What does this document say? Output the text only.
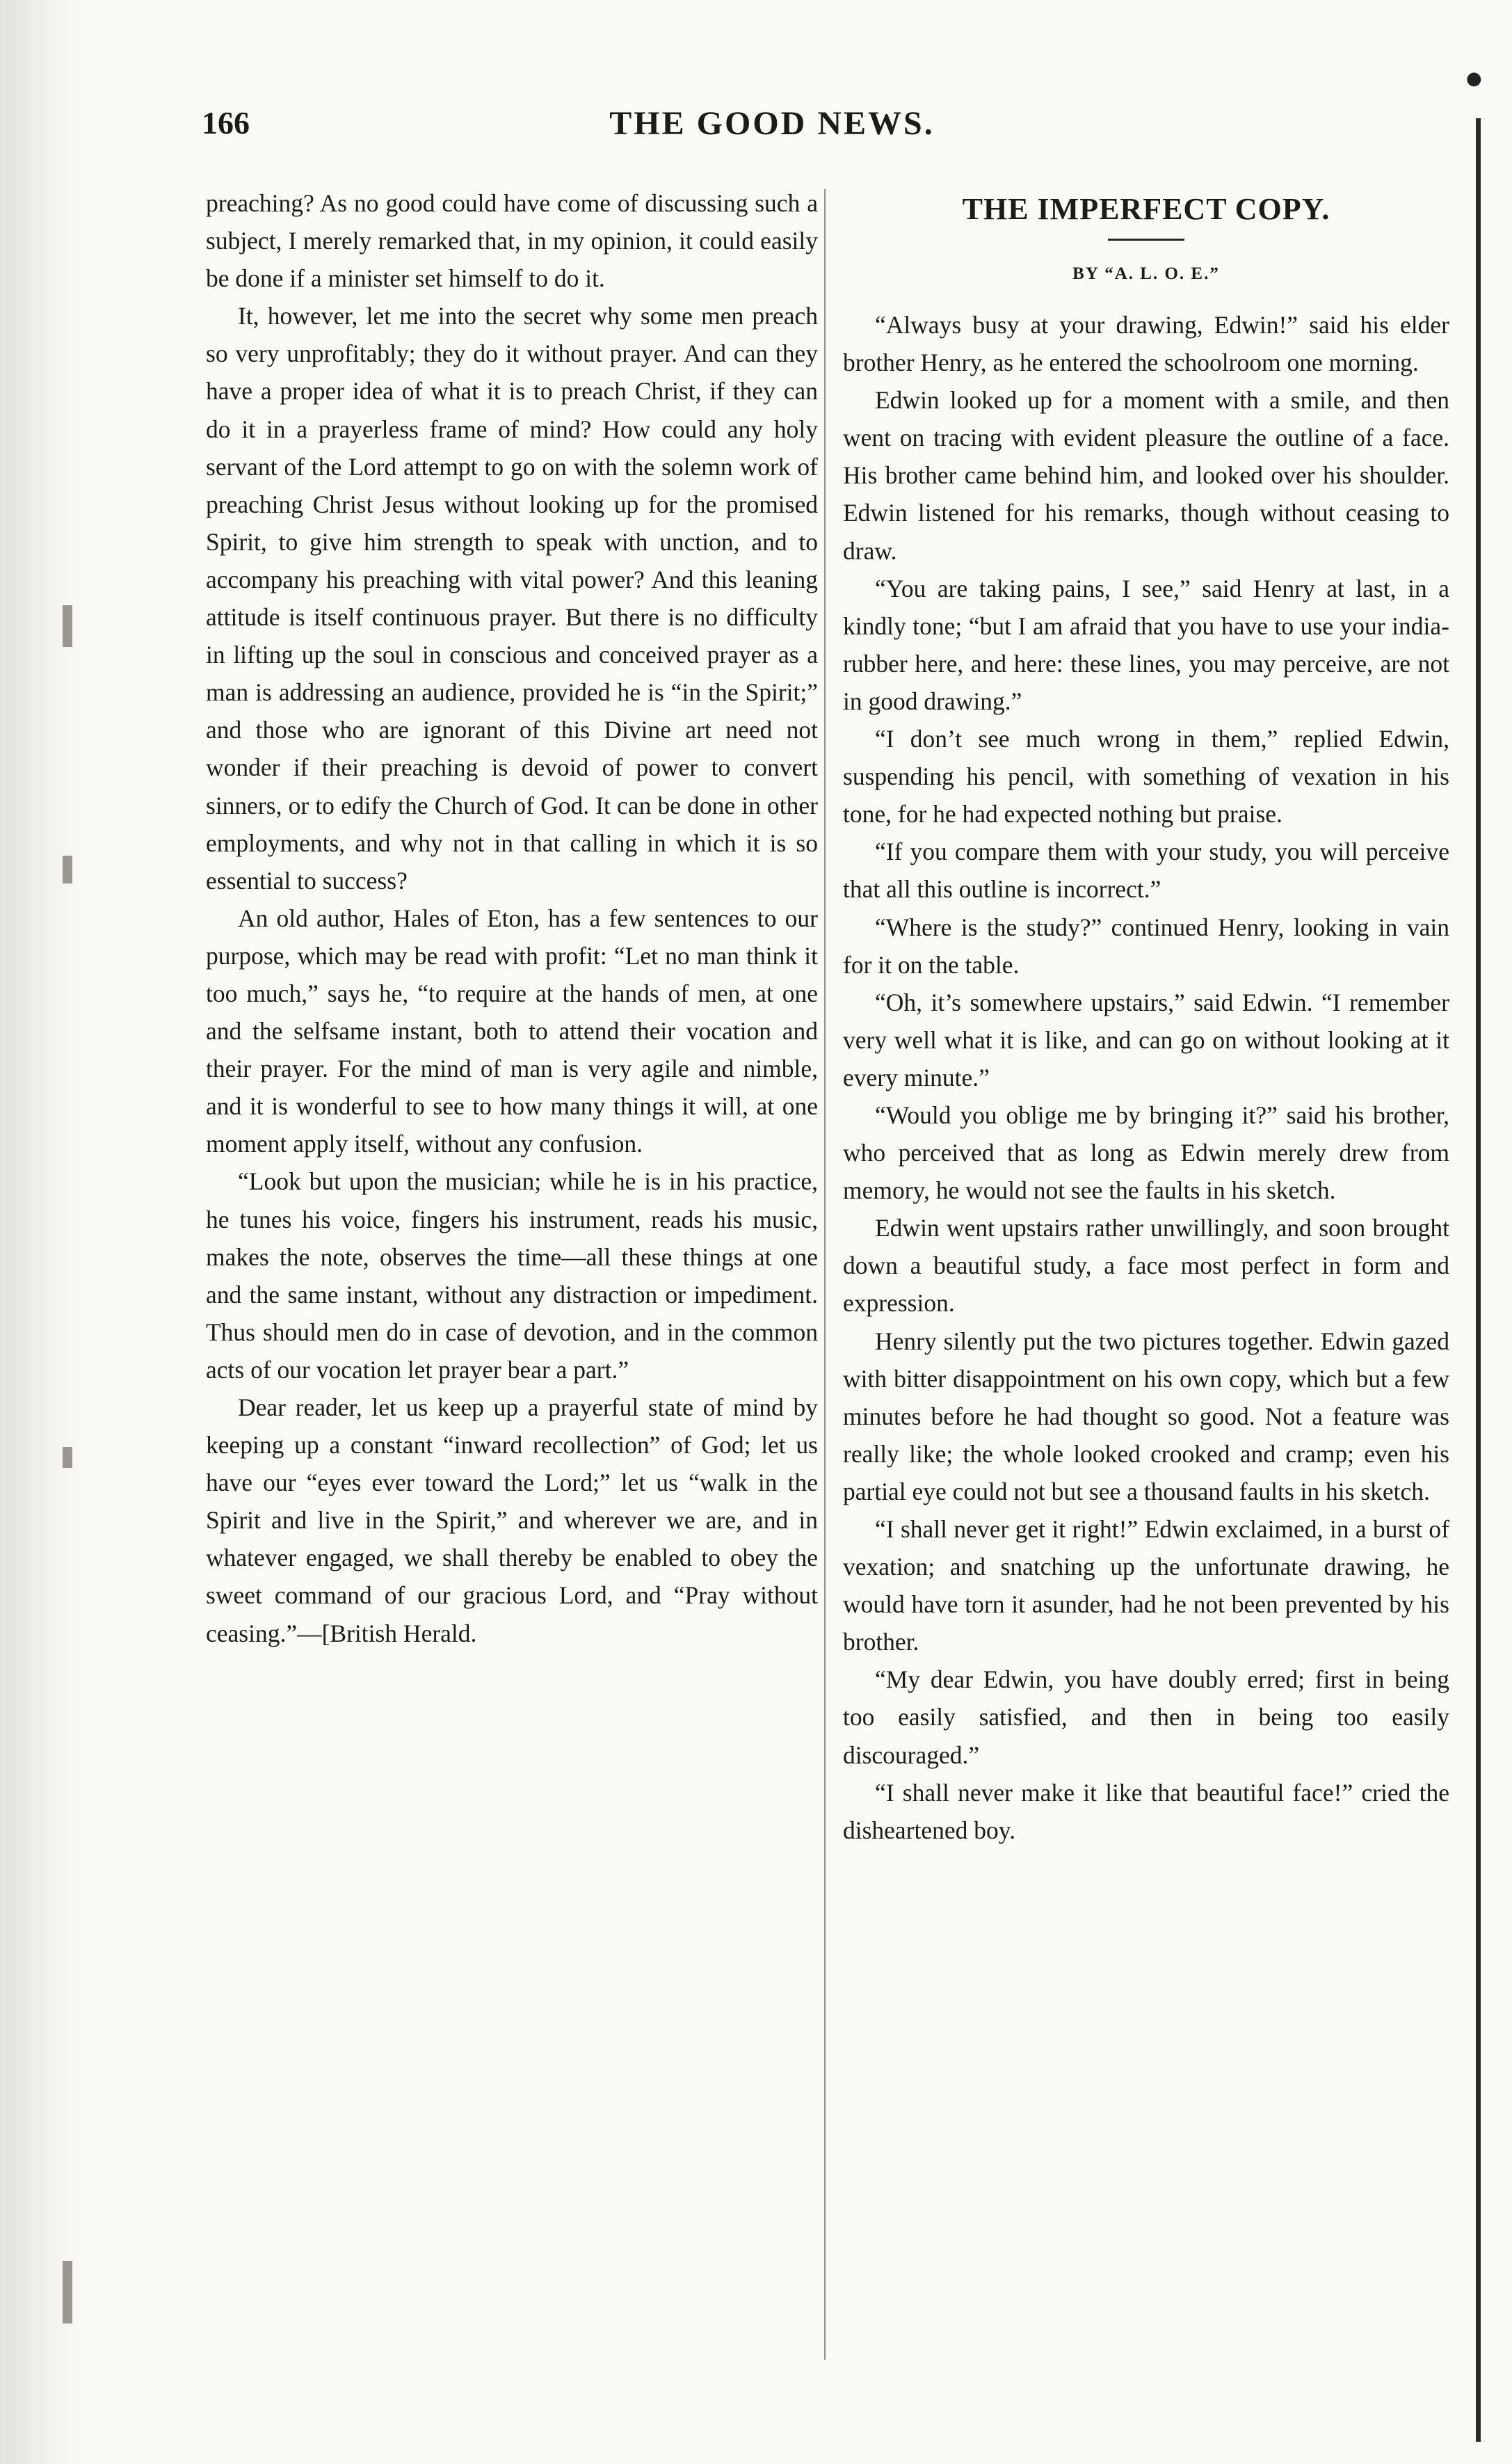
●
166	THE GOOD NEWS.

preaching? As no good could have come of discussing such a subject, I merely remarked that, in my opinion, it could easily be done if a minister set himself to do it.

It, however, let me into the secret why some men preach so very unprofitably; they do it without prayer. And can they have a proper idea of what it is to preach Christ, if they can do it in a prayerless frame of mind? How could any holy servant of the Lord attempt to go on with the solemn work of preaching Christ Jesus without looking up for the promised Spirit, to give him strength to speak with unction, and to accompany his preaching with vital power? And this leaning attitude is itself continuous prayer. But there is no difficulty in lifting up the soul in conscious and conceived prayer as a man is addressing an audience, provided he is “in the Spirit;” and those who are ignorant of this Divine art need not wonder if their preaching is devoid of power to convert sinners, or to edify the Church of God. It can be done in other employments, and why not in that calling in which it is so essential to success?

An old author, Hales of Eton, has a few sentences to our purpose, which may be read with profit: “Let no man think it too much,” says he, “to require at the hands of men, at one and the selfsame instant, both to attend their vocation and their prayer. For the mind of man is very agile and nimble, and it is wonderful to see to how many things it will, at one moment apply itself, without any confusion.

“Look but upon the musician; while he is in his practice, he tunes his voice, fingers his instrument, reads his music, makes the note, observes the time—all these things at one and the same instant, without any distraction or impediment. Thus should men do in case of devotion, and in the common acts of our vocation let prayer bear a part.”

Dear reader, let us keep up a prayerful state of mind by keeping up a constant “inward recollection” of God; let us have our “eyes ever toward the Lord;” let us “walk in the Spirit and live in the Spirit,” and wherever we are, and in whatever engaged, we shall thereby be enabled to obey the sweet command of our gracious Lord, and “Pray without ceasing.”—[British Herald.

THE IMPERFECT COPY.
BY “A. L. O. E.”

“Always busy at your drawing, Edwin!” said his elder brother Henry, as he entered the schoolroom one morning.

Edwin looked up for a moment with a smile, and then went on tracing with evident pleasure the outline of a face. His brother came behind him, and looked over his shoulder. Edwin listened for his remarks, though without ceasing to draw.

“You are taking pains, I see,” said Henry at last, in a kindly tone; “but I am afraid that you have to use your india-rubber here, and here: these lines, you may perceive, are not in good drawing.”

“I don’t see much wrong in them,” replied Edwin, suspending his pencil, with something of vexation in his tone, for he had expected nothing but praise.

“If you compare them with your study, you will perceive that all this outline is incorrect.”

“Where is the study?” continued Henry, looking in vain for it on the table.

“Oh, it’s somewhere upstairs,” said Edwin. “I remember very well what it is like, and can go on without looking at it every minute.”

“Would you oblige me by bringing it?” said his brother, who perceived that as long as Edwin merely drew from memory, he would not see the faults in his sketch.

Edwin went upstairs rather unwillingly, and soon brought down a beautiful study, a face most perfect in form and expression.

Henry silently put the two pictures together. Edwin gazed with bitter disappointment on his own copy, which but a few minutes before he had thought so good. Not a feature was really like; the whole looked crooked and cramp; even his partial eye could not but see a thousand faults in his sketch.

“I shall never get it right!” Edwin exclaimed, in a burst of vexation; and snatching up the unfortunate drawing, he would have torn it asunder, had he not been prevented by his brother.

“My dear Edwin, you have doubly erred; first in being too easily satisfied, and then in being too easily discouraged.”

“I shall never make it like that beautiful face!” cried the disheartened boy.
